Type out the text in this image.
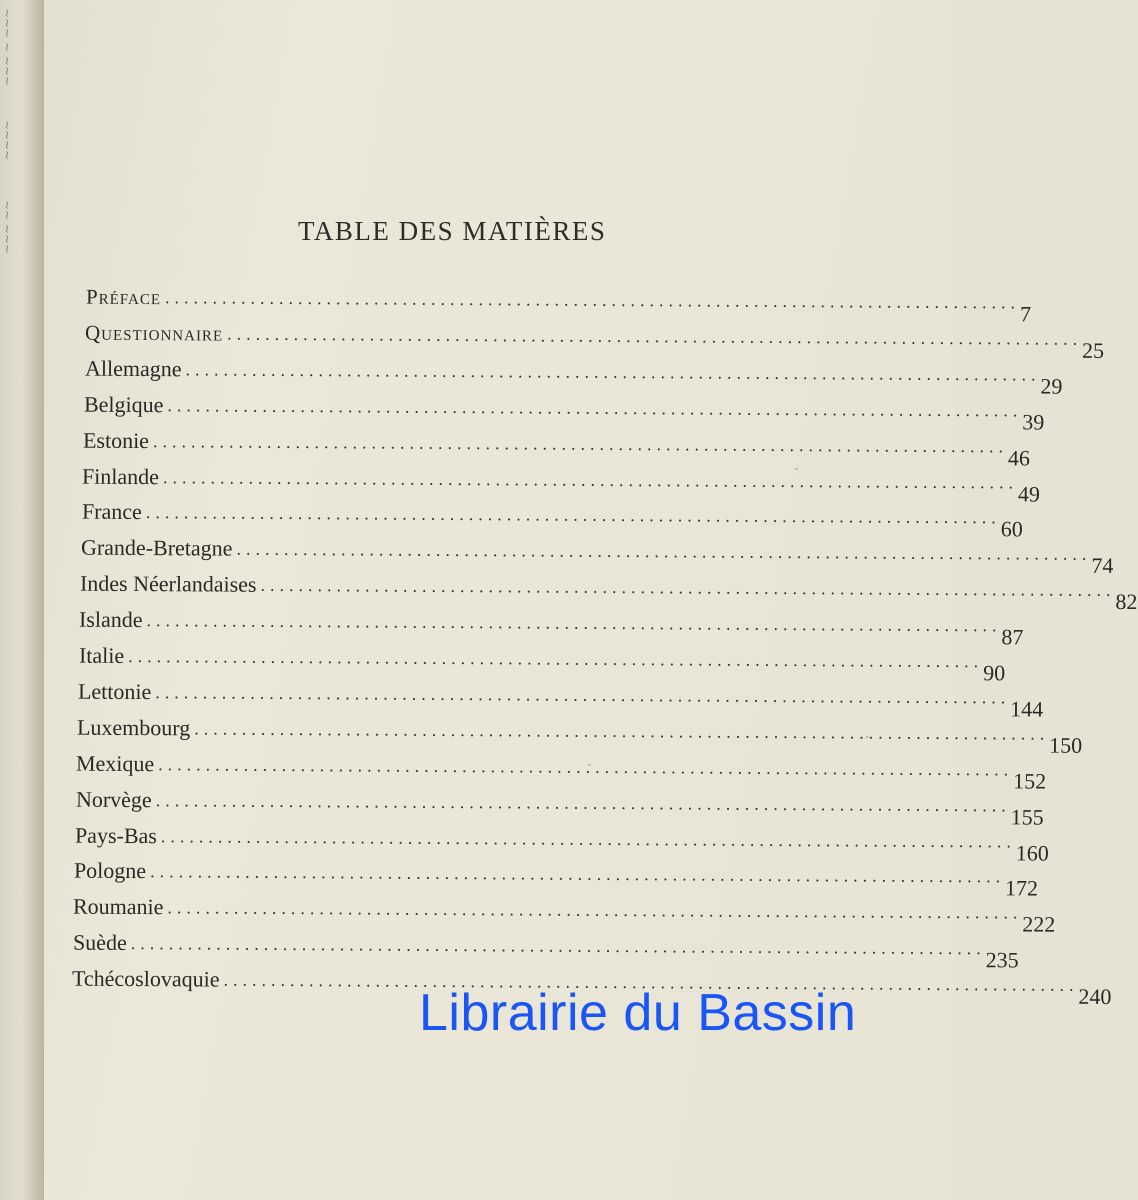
~~~ ~ ~~~
~~~~
~~ ~~~	TABLE DES MATIÈRES
Préface ..........................................................................................
7
Questionnaire ..........................................................................................
25
Allemagne ..........................................................................................
29
Belgique ..........................................................................................
39
Estonie ..........................................................................................
46
Finlande ..........................................................................................
49
France ..........................................................................................
60
Grande-Bretagne ..........................................................................................
74
Indes Néerlandaises ..........................................................................................
82
Islande ..........................................................................................
87
Italie ..........................................................................................
90
Lettonie ..........................................................................................
144
Luxembourg ..........................................................................................
150
Mexique ..........................................................................................
152
Norvège ..........................................................................................
155
Pays-Bas ..........................................................................................
160
Pologne ..........................................................................................
172
Roumanie ..........................................................................................
222
Suède ..........................................................................................
235
Tchécoslovaquie ..........................................................................................
240
Librairie du Bassin
